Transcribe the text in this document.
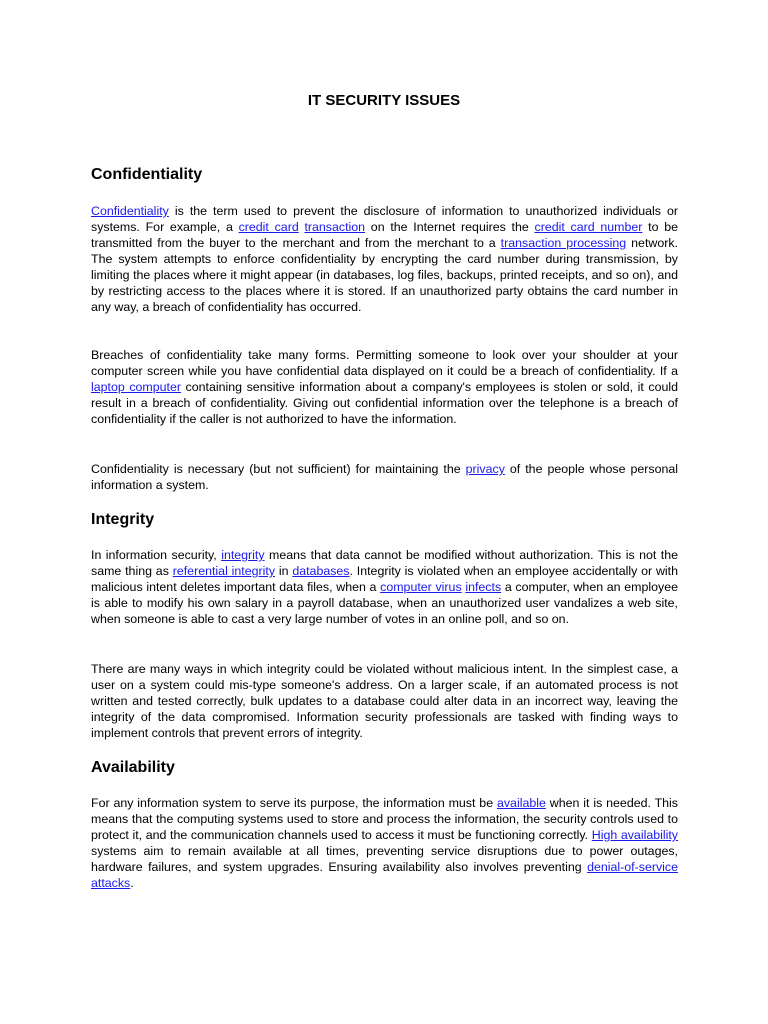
IT SECURITY ISSUES
Confidentiality

Confidentiality is the term used to prevent the disclosure of information to unauthorized individuals or systems. For example, a credit card transaction on the Internet requires the credit card number to be transmitted from the buyer to the merchant and from the merchant to a transaction processing network. The system attempts to enforce confidentiality by encrypting the card number during transmission, by limiting the places where it might appear (in databases, log files, backups, printed receipts, and so on), and by restricting access to the places where it is stored. If an unauthorized party obtains the card number in any way, a breach of confidentiality has occurred.

Breaches of confidentiality take many forms. Permitting someone to look over your shoulder at your computer screen while you have confidential data displayed on it could be a breach of confidentiality. If a laptop computer containing sensitive information about a company's employees is stolen or sold, it could result in a breach of confidentiality. Giving out confidential information over the telephone is a breach of confidentiality if the caller is not authorized to have the information.

Confidentiality is necessary (but not sufficient) for maintaining the privacy of the people whose personal information a system.

Integrity

In information security, integrity means that data cannot be modified without authorization. This is not the same thing as referential integrity in databases. Integrity is violated when an employee accidentally or with malicious intent deletes important data files, when a computer virus infects a computer, when an employee is able to modify his own salary in a payroll database, when an unauthorized user vandalizes a web site, when someone is able to cast a very large number of votes in an online poll, and so on.

There are many ways in which integrity could be violated without malicious intent. In the simplest case, a user on a system could mis-type someone's address. On a larger scale, if an automated process is not written and tested correctly, bulk updates to a database could alter data in an incorrect way, leaving the integrity of the data compromised. Information security professionals are tasked with finding ways to implement controls that prevent errors of integrity.

Availability

For any information system to serve its purpose, the information must be available when it is needed. This means that the computing systems used to store and process the information, the security controls used to protect it, and the communication channels used to access it must be functioning correctly. High availability systems aim to remain available at all times, preventing service disruptions due to power outages, hardware failures, and system upgrades. Ensuring availability also involves preventing denial-of-service attacks.
